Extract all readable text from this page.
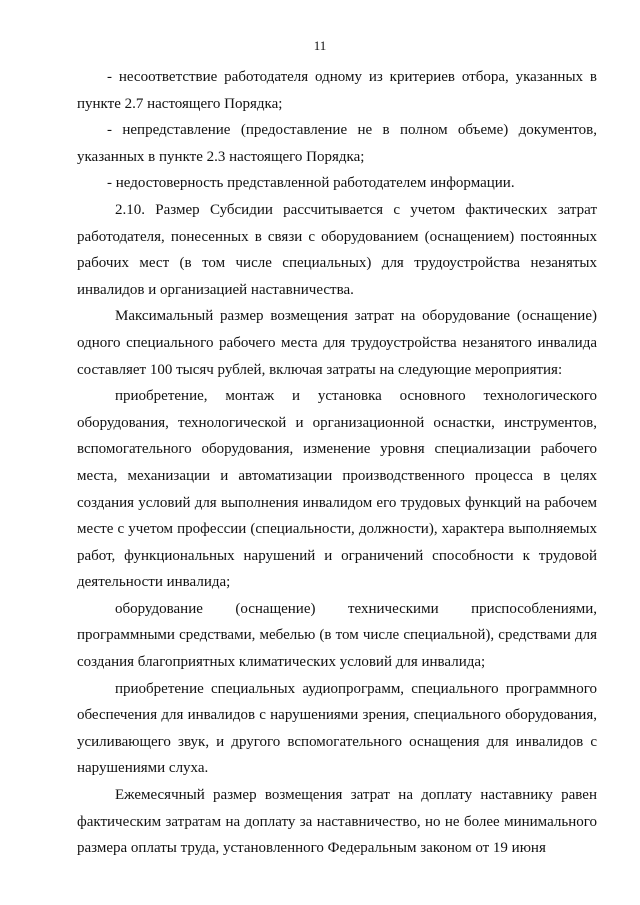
11

- несоответствие работодателя одному из критериев отбора, указанных в пункте 2.7 настоящего Порядка;

- непредставление (предоставление не в полном объеме) документов, указанных в пункте 2.3 настоящего Порядка;

- недостоверность представленной работодателем информации.

2.10. Размер Субсидии рассчитывается с учетом фактических затрат работодателя, понесенных в связи с оборудованием (оснащением) постоянных рабочих мест (в том числе специальных) для трудоустройства незанятых инвалидов и организацией наставничества.

Максимальный размер возмещения затрат на оборудование (оснащение) одного специального рабочего места для трудоустройства незанятого инвалида составляет 100 тысяч рублей, включая затраты на следующие мероприятия:

приобретение, монтаж и установка основного технологического оборудования, технологической и организационной оснастки, инструментов, вспомогательного оборудования, изменение уровня специализации рабочего места, механизации и автоматизации производственного процесса в целях создания условий для выполнения инвалидом его трудовых функций на рабочем месте с учетом профессии (специальности, должности), характера выполняемых работ, функциональных нарушений и ограничений способности к трудовой деятельности инвалида;

оборудование (оснащение) техническими приспособлениями, программными средствами, мебелью (в том числе специальной), средствами для создания благоприятных климатических условий для инвалида;

приобретение специальных аудиопрограмм, специального программного обеспечения для инвалидов с нарушениями зрения, специального оборудования, усиливающего звук, и другого вспомогательного оснащения для инвалидов с нарушениями слуха.

Ежемесячный размер возмещения затрат на доплату наставнику равен фактическим затратам на доплату за наставничество, но не более минимального размера оплаты труда, установленного Федеральным законом от 19 июня
